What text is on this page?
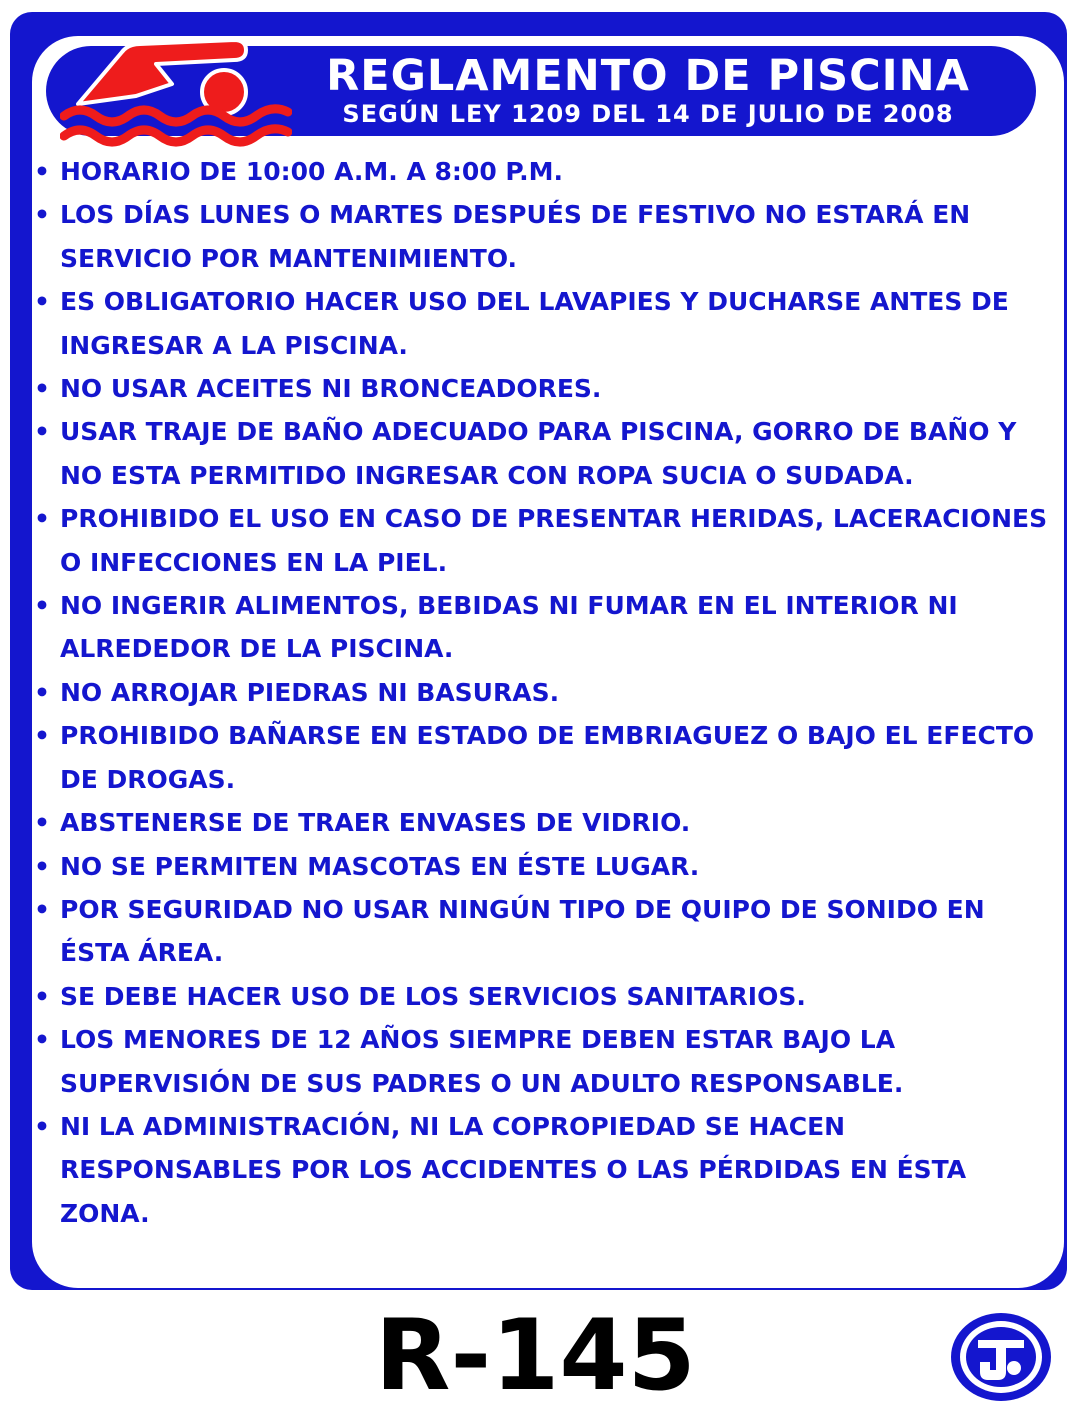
REGLAMENTO DE PISCINA
SEGÚN LEY 1209 DEL 14 DE JULIO DE 2008
• HORARIO DE 10:00 A.M. A 8:00 P.M.
• LOS DÍAS LUNES O MARTES DESPUÉS DE FESTIVO NO ESTARÁ EN SERVICIO POR MANTENIMIENTO.
• ES OBLIGATORIO HACER USO DEL LAVAPIES Y DUCHARSE ANTES DE INGRESAR A LA PISCINA.
• NO USAR ACEITES NI BRONCEADORES.
• USAR TRAJE DE BAÑO ADECUADO PARA PISCINA, GORRO DE BAÑO Y NO ESTA PERMITIDO INGRESAR CON ROPA SUCIA O SUDADA.
• PROHIBIDO EL USO EN CASO DE PRESENTAR HERIDAS, LACERACIONES O INFECCIONES EN LA PIEL.
• NO INGERIR ALIMENTOS, BEBIDAS NI FUMAR EN EL INTERIOR NI ALREDEDOR DE LA PISCINA.
• NO ARROJAR PIEDRAS NI BASURAS.
• PROHIBIDO BAÑARSE EN ESTADO DE EMBRIAGUEZ O BAJO EL EFECTO DE DROGAS.
• ABSTENERSE DE TRAER ENVASES DE VIDRIO.
• NO SE PERMITEN MASCOTAS EN ÉSTE LUGAR.
• POR SEGURIDAD NO USAR NINGÚN TIPO DE QUIPO DE SONIDO EN ÉSTA ÁREA.
• SE DEBE HACER USO DE LOS SERVICIOS SANITARIOS.
• LOS MENORES DE 12 AÑOS SIEMPRE DEBEN ESTAR BAJO LA SUPERVISIÓN DE SUS PADRES O UN ADULTO RESPONSABLE.
• NI LA ADMINISTRACIÓN, NI LA COPROPIEDAD SE HACEN RESPONSABLES POR LOS ACCIDENTES O LAS PÉRDIDAS EN ÉSTA ZONA.
R-145
